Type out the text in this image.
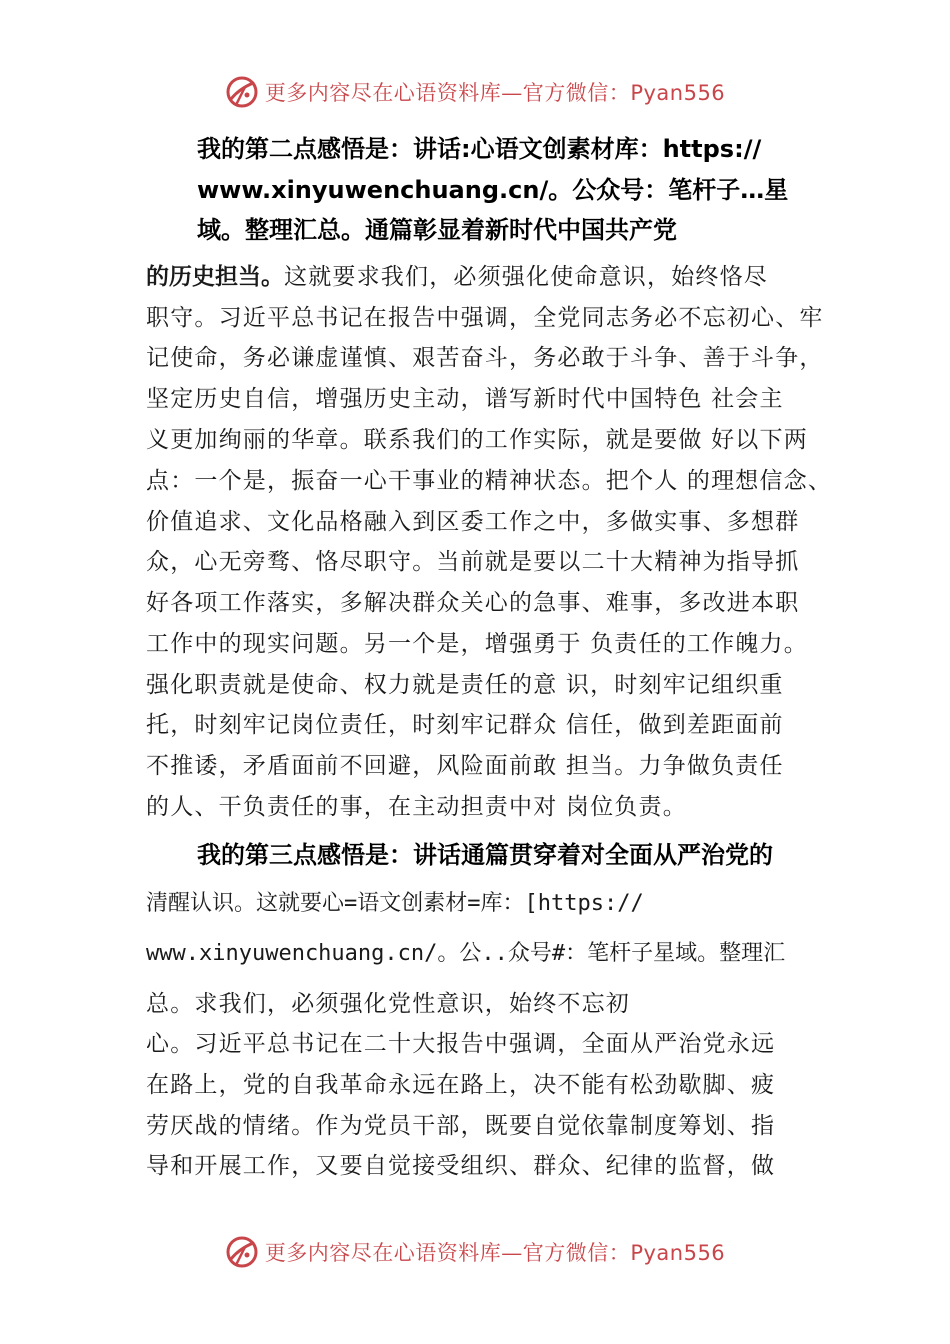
更多内容尽在心语资料库—官方微信：Pyan556
我的第二点感悟是：讲话:心语文创素材库：https://
www.xinyuwenchuang.cn/。公众号：笔杆子…星
域。整理汇总。通篇彰显着新时代中国共产党
的历史担当。这就要求我们，必须强化使命意识，始终恪尽
职守。习近平总书记在报告中强调，全党同志务必不忘初心、牢
记使命，务必谦虚谨慎、艰苦奋斗，务必敢于斗争、善于斗争，
坚定历史自信，增强历史主动，谱写新时代中国特色 社会主
义更加绚丽的华章。联系我们的工作实际，就是要做 好以下两
点：一个是，振奋一心干事业的精神状态。把个人 的理想信念、
价值追求、文化品格融入到区委工作之中，多做实事、多想群
众，心无旁骛、恪尽职守。当前就是要以二十大精神为指导抓
好各项工作落实，多解决群众关心的急事、难事，多改进本职
工作中的现实问题。另一个是，增强勇于 负责任的工作魄力。
强化职责就是使命、权力就是责任的意 识，时刻牢记组织重
托，时刻牢记岗位责任，时刻牢记群众 信任，做到差距面前
不推诿，矛盾面前不回避，风险面前敢 担当。力争做负责任
的人、干负责任的事，在主动担责中对 岗位负责。
我的第三点感悟是：讲话通篇贯穿着对全面从严治党的
清醒认识。这就要心=语文创素材=库：[https://
www.xinyuwenchuang.cn/。公..众号#：笔杆子星域。整理汇
总。求我们，必须强化党性意识，始终不忘初
心。习近平总书记在二十大报告中强调，全面从严治党永远
在路上，党的自我革命永远在路上，决不能有松劲歇脚、疲
劳厌战的情绪。作为党员干部，既要自觉依靠制度筹划、指
导和开展工作，又要自觉接受组织、群众、纪律的监督，做
更多内容尽在心语资料库—官方微信：Pyan556
